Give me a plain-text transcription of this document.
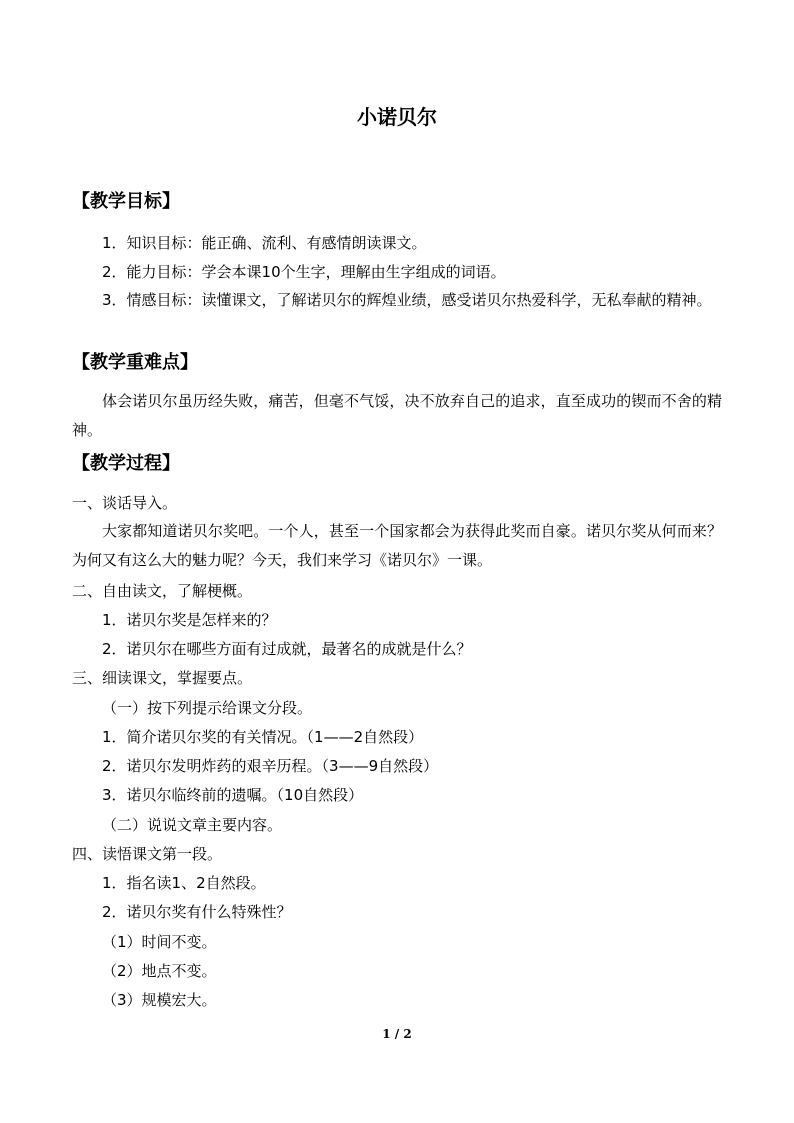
小诺贝尔
【教学目标】
1．知识目标：能正确、流利、有感情朗读课文。
2．能力目标：学会本课10个生字，理解由生字组成的词语。
3．情感目标：读懂课文，了解诺贝尔的辉煌业绩，感受诺贝尔热爱科学，无私奉献的精神。
【教学重难点】
体会诺贝尔虽历经失败，痛苦，但毫不气馁，决不放弃自己的追求，直至成功的锲而不舍的精神。
【教学过程】
一、谈话导入。
大家都知道诺贝尔奖吧。一个人，甚至一个国家都会为获得此奖而自豪。诺贝尔奖从何而来？为何又有这么大的魅力呢？今天，我们来学习《诺贝尔》一课。
二、自由读文，了解梗概。
1．诺贝尔奖是怎样来的？
2．诺贝尔在哪些方面有过成就，最著名的成就是什么？
三、细读课文，掌握要点。
（一）按下列提示给课文分段。
1．简介诺贝尔奖的有关情况。（1——2自然段）
2．诺贝尔发明炸药的艰辛历程。（3——9自然段）
3．诺贝尔临终前的遗嘱。（10自然段）
（二）说说文章主要内容。
四、读悟课文第一段。
1．指名读1、2自然段。
2．诺贝尔奖有什么特殊性？
（1）时间不变。
（2）地点不变。
（3）规模宏大。
1 / 2
